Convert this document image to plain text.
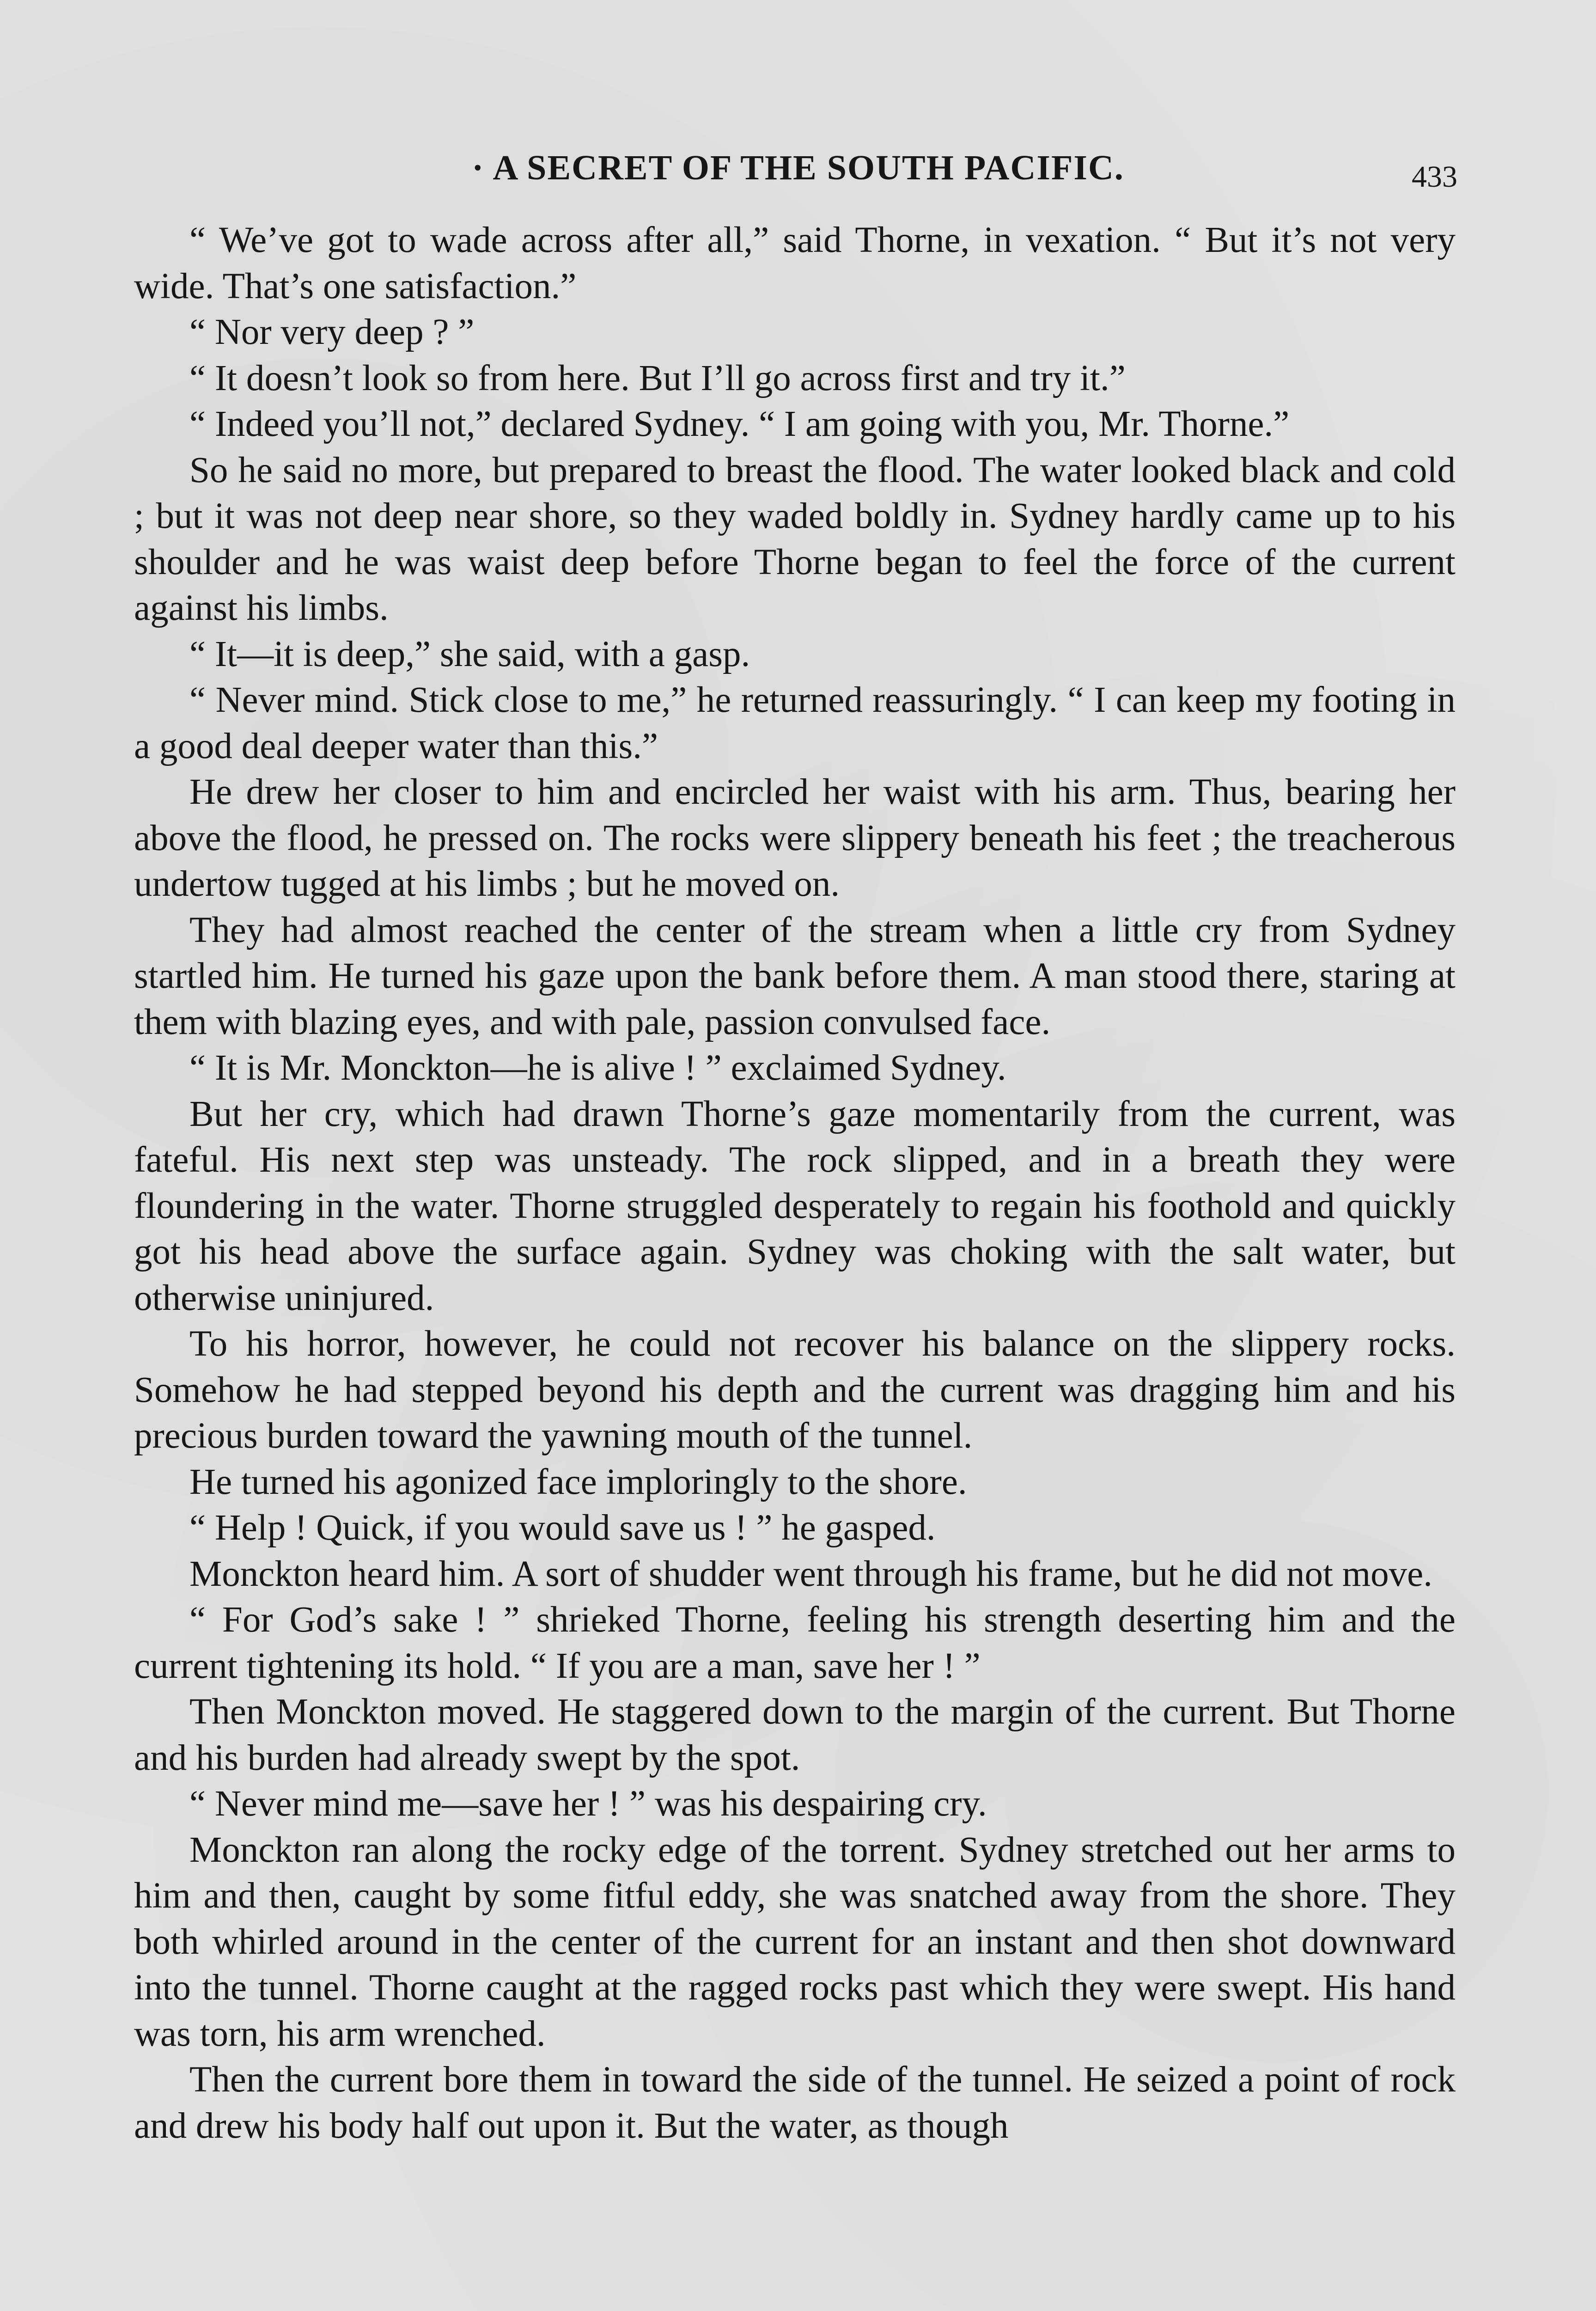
· A SECRET OF THE SOUTH PACIFIC.	433

“ We’ve got to wade across after all,” said Thorne, in vexation. “ But it’s not very wide. That’s one satisfaction.”

“ Nor very deep ? ”

“ It doesn’t look so from here. But I’ll go across first and try it.”

“ Indeed you’ll not,” declared Sydney. “ I am going with you, Mr. Thorne.”

So he said no more, but prepared to breast the flood. The water looked black and cold ; but it was not deep near shore, so they waded boldly in. Sydney hardly came up to his shoulder and he was waist deep before Thorne began to feel the force of the current against his limbs.

“ It—it is deep,” she said, with a gasp.

“ Never mind. Stick close to me,” he returned reassuringly. “ I can keep my footing in a good deal deeper water than this.”

He drew her closer to him and encircled her waist with his arm. Thus, bearing her above the flood, he pressed on. The rocks were slippery beneath his feet ; the treacherous undertow tugged at his limbs ; but he moved on.

They had almost reached the center of the stream when a little cry from Sydney startled him. He turned his gaze upon the bank before them. A man stood there, staring at them with blazing eyes, and with pale, passion convulsed face.

“ It is Mr. Monckton—he is alive ! ” exclaimed Sydney.

But her cry, which had drawn Thorne’s gaze momentarily from the current, was fateful. His next step was unsteady. The rock slipped, and in a breath they were floundering in the water. Thorne struggled desperately to regain his foothold and quickly got his head above the surface again. Sydney was choking with the salt water, but otherwise uninjured.

To his horror, however, he could not recover his balance on the slippery rocks. Somehow he had stepped beyond his depth and the current was dragging him and his precious burden toward the yawning mouth of the tunnel.

He turned his agonized face imploringly to the shore.

“ Help ! Quick, if you would save us ! ” he gasped.

Monckton heard him. A sort of shudder went through his frame, but he did not move.

“ For God’s sake ! ” shrieked Thorne, feeling his strength deserting him and the current tightening its hold. “ If you are a man, save her ! ”

Then Monckton moved. He staggered down to the margin of the current. But Thorne and his burden had already swept by the spot.

“ Never mind me—save her ! ” was his despairing cry.

Monckton ran along the rocky edge of the torrent. Sydney stretched out her arms to him and then, caught by some fitful eddy, she was snatched away from the shore. They both whirled around in the center of the current for an instant and then shot downward into the tunnel. Thorne caught at the ragged rocks past which they were swept. His hand was torn, his arm wrenched.

Then the current bore them in toward the side of the tunnel. He seized a point of rock and drew his body half out upon it. But the water, as though
